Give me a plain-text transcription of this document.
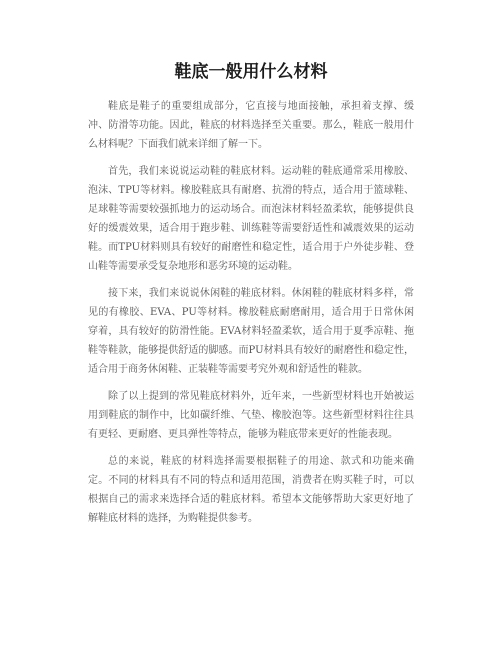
鞋底一般用什么材料

鞋底是鞋子的重要组成部分，它直接与地面接触，承担着支撑、缓冲、防滑等功能。因此，鞋底的材料选择至关重要。那么，鞋底一般用什么材料呢？下面我们就来详细了解一下。

首先，我们来说说运动鞋的鞋底材料。运动鞋的鞋底通常采用橡胶、泡沫、TPU等材料。橡胶鞋底具有耐磨、抗滑的特点，适合用于篮球鞋、足球鞋等需要较强抓地力的运动场合。而泡沫材料轻盈柔软，能够提供良好的缓震效果，适合用于跑步鞋、训练鞋等需要舒适性和减震效果的运动鞋。而TPU材料则具有较好的耐磨性和稳定性，适合用于户外徒步鞋、登山鞋等需要承受复杂地形和恶劣环境的运动鞋。

接下来，我们来说说休闲鞋的鞋底材料。休闲鞋的鞋底材料多样，常见的有橡胶、EVA、PU等材料。橡胶鞋底耐磨耐用，适合用于日常休闲穿着，具有较好的防滑性能。EVA材料轻盈柔软，适合用于夏季凉鞋、拖鞋等鞋款，能够提供舒适的脚感。而PU材料具有较好的耐磨性和稳定性，适合用于商务休闲鞋、正装鞋等需要考究外观和舒适性的鞋款。

除了以上提到的常见鞋底材料外，近年来，一些新型材料也开始被运用到鞋底的制作中，比如碳纤维、气垫、橡胶泡等。这些新型材料往往具有更轻、更耐磨、更具弹性等特点，能够为鞋底带来更好的性能表现。

总的来说，鞋底的材料选择需要根据鞋子的用途、款式和功能来确定。不同的材料具有不同的特点和适用范围，消费者在购买鞋子时，可以根据自己的需求来选择合适的鞋底材料。希望本文能够帮助大家更好地了解鞋底材料的选择，为购鞋提供参考。
